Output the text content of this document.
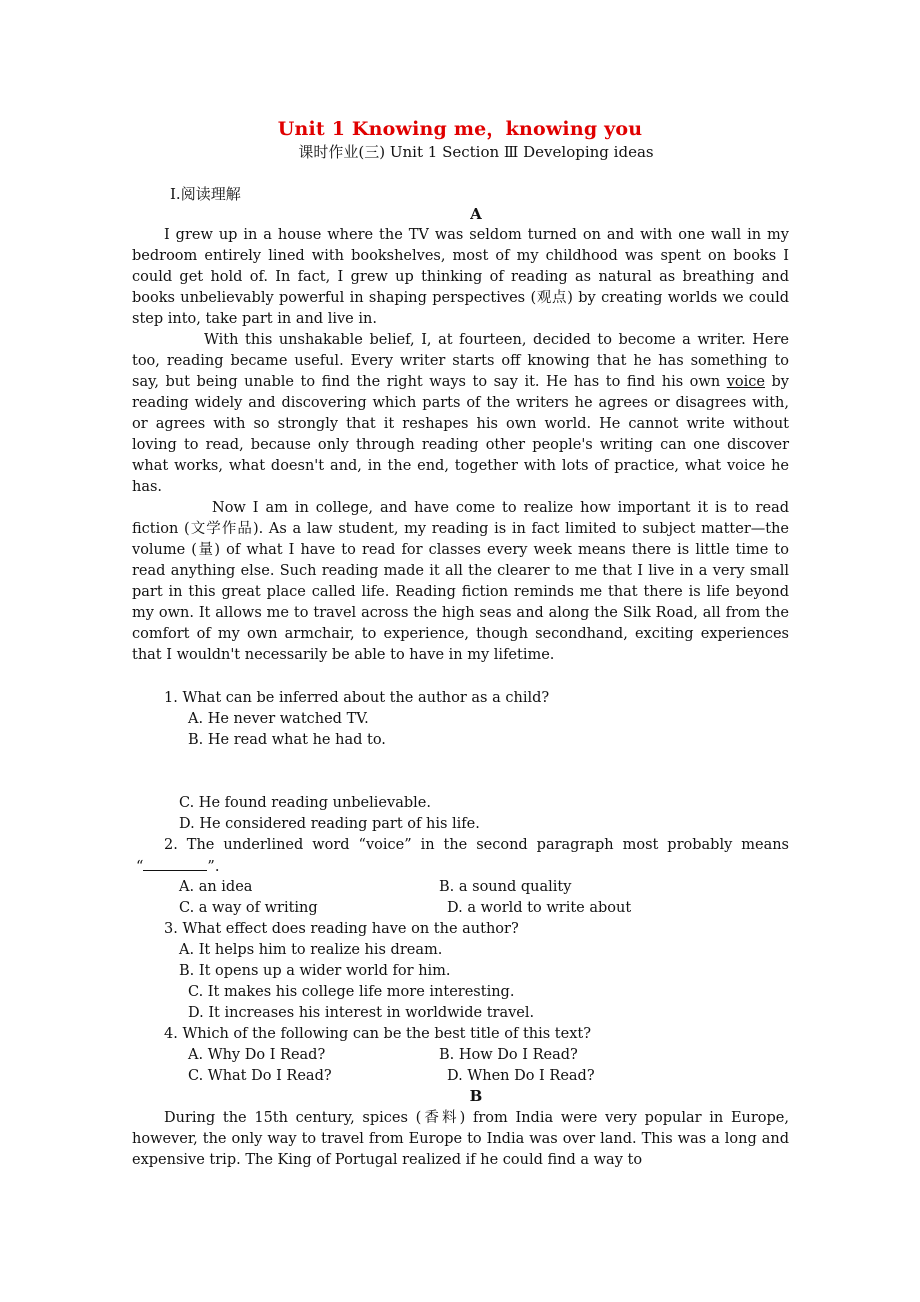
Unit 1 Knowing me，knowing you
课时作业(三) Unit 1 Section Ⅲ Developing ideas
Ⅰ.阅读理解
A
I grew up in a house where the TV was seldom turned on and with one wall in my bedroom entirely lined with bookshelves, most of my childhood was spent on books I could get hold of. In fact, I grew up thinking of reading as natural as breathing and books unbelievably powerful in shaping perspectives (观点) by creating worlds we could step into, take part in and live in.
With this unshakable belief, I, at fourteen, decided to become a writer. Here too, reading became useful. Every writer starts off knowing that he has something to say, but being unable to find the right ways to say it. He has to find his own voice by reading widely and discovering which parts of the writers he agrees or disagrees with, or agrees with so strongly that it reshapes his own world. He cannot write without loving to read, because only through reading other people's writing can one discover what works, what doesn't and, in the end, together with lots of practice, what voice he has.
Now I am in college, and have come to realize how important it is to read fiction (文学作品). As a law student, my reading is in fact limited to subject matter—the volume (量) of what I have to read for classes every week means there is little time to read anything else. Such reading made it all the clearer to me that I live in a very small part in this great place called life. Reading fiction reminds me that there is life beyond my own. It allows me to travel across the high seas and along the Silk Road, all from the comfort of my own armchair, to experience, though secondhand, exciting experiences that I wouldn't necessarily be able to have in my lifetime.
1. What can be inferred about the author as a child?
A. He never watched TV.
B. He read what he had to.
C. He found reading unbelievable.
D. He considered reading part of his life.
2. The underlined word “voice” in the second paragraph most probably means
“	”.
A. an idea	B. a sound quality
C. a way of writing	D. a world to write about
3. What effect does reading have on the author?
A. It helps him to realize his dream.
B. It opens up a wider world for him.
C. It makes his college life more interesting.
D. It increases his interest in worldwide travel.
4. Which of the following can be the best title of this text?
A. Why Do I Read?	B. How Do I Read?
C. What Do I Read?	D. When Do I Read?
B
During the 15th century, spices (香料) from India were very popular in Europe, however, the only way to travel from Europe to India was over land. This was a long and expensive trip. The King of Portugal realized if he could find a way to
